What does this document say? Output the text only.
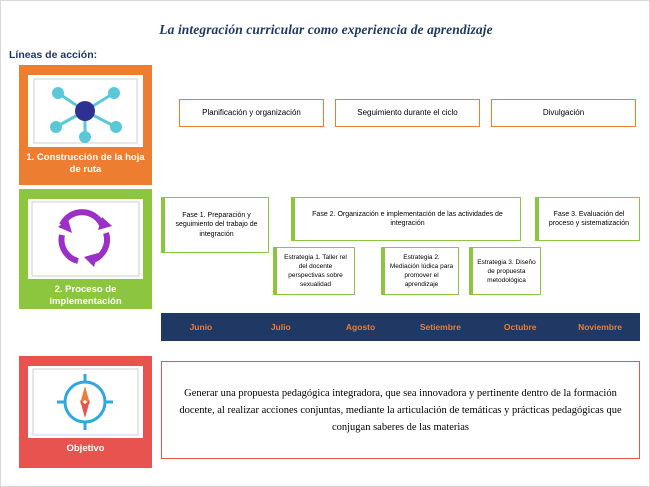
La integración curricular como experiencia de aprendizaje
Líneas de acción:
1. Construcción de la hoja de ruta
2. Proceso de implementación
Objetivo
Planificación y organización	Seguimiento durante el ciclo	Divulgación
Fase 1. Preparación y seguimiento del trabajo de integración
Fase 2. Organización e implementación de las actividades de integración
Fase 3. Evaluación del proceso y sistematización
Estrategia 1. Taller rel del docente perspectivas sobre sexualidad
Estrategia 2. Mediación lúdica para promover el aprendizaje
Estrategia 3. Diseño de propuesta metodológica
Junio	Julio	Agosto	Setiembre	Octubre	Noviembre
Generar una propuesta pedagógica integradora, que sea innovadora y pertinente dentro de la formación docente, al realizar acciones conjuntas, mediante la articulación de temáticas y prácticas pedagógicas que conjugan saberes de las materias
